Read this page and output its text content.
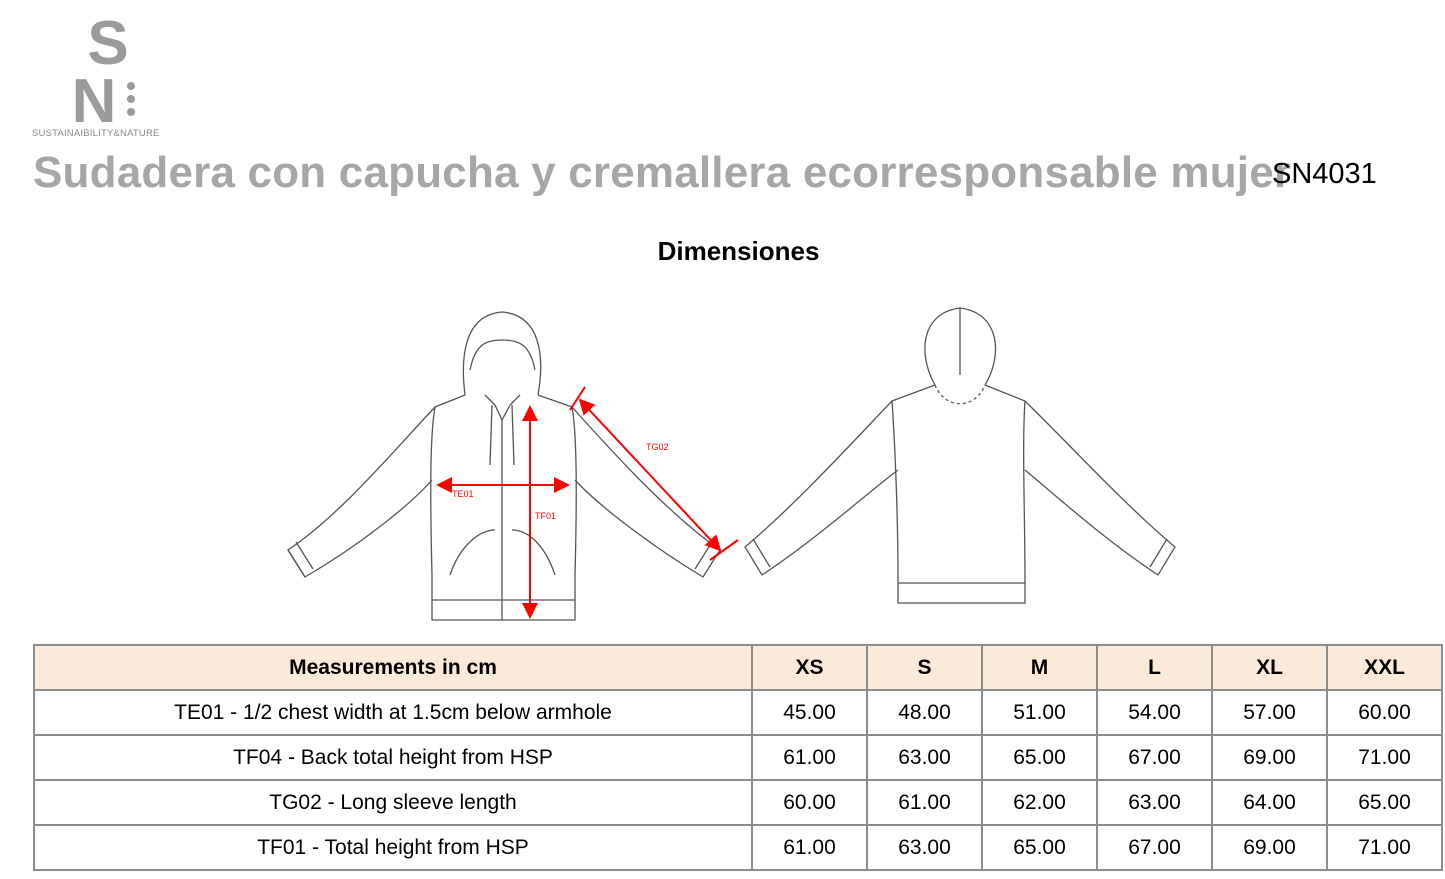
S
N
SUSTAINAIBILITY&NATURE
Sudadera con capucha y cremallera ecorresponsable mujer
SN4031
Dimensiones
TE01
TF01
TG02
Measurements in cm	XS	S	M	L	XL	XXL
TE01 - 1/2 chest width at 1.5cm below armhole	45.00	48.00	51.00	54.00	57.00	60.00
TF04 - Back total height from HSP	61.00	63.00	65.00	67.00	69.00	71.00
TG02 - Long sleeve length	60.00	61.00	62.00	63.00	64.00	65.00
TF01 - Total height from HSP	61.00	63.00	65.00	67.00	69.00	71.00
